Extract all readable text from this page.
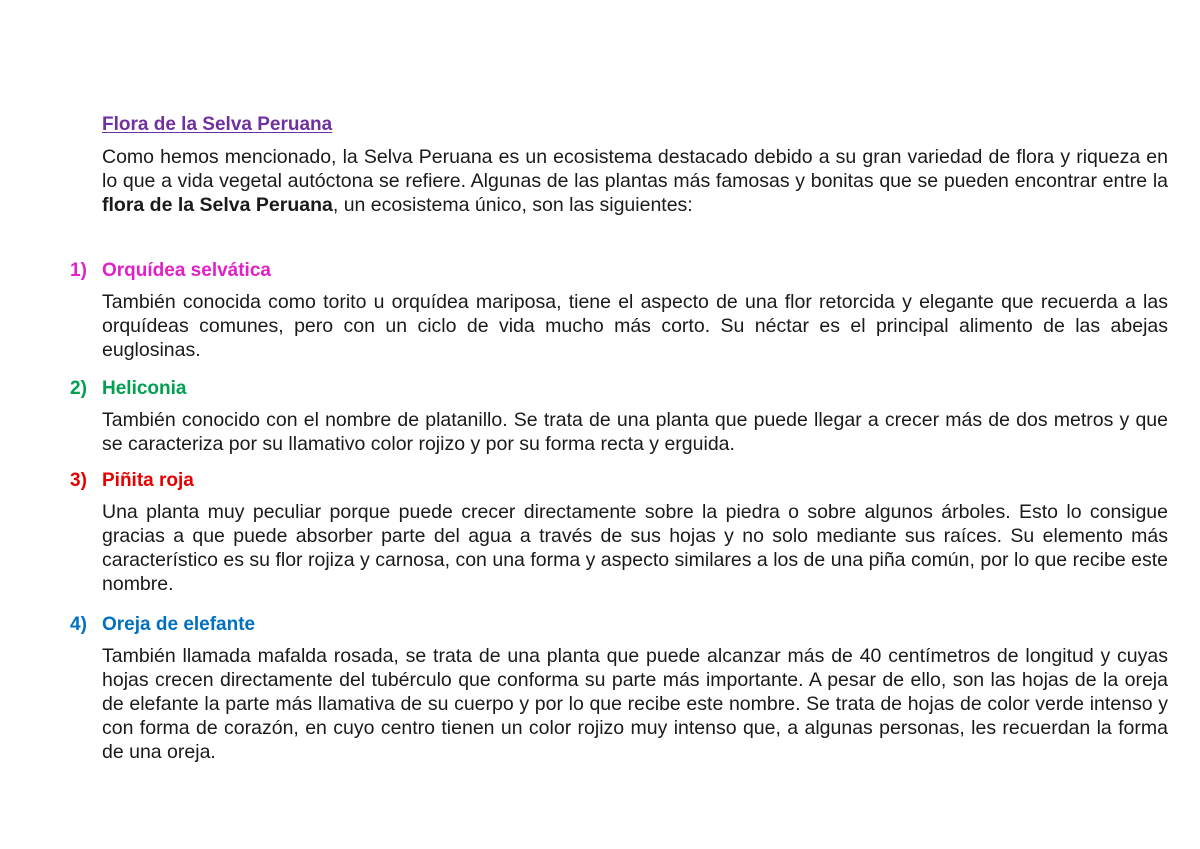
Flora de la Selva Peruana

Como hemos mencionado, la Selva Peruana es un ecosistema destacado debido a su gran variedad de flora y riqueza en lo que a vida vegetal autóctona se refiere. Algunas de las plantas más famosas y bonitas que se pueden encontrar entre la flora de la Selva Peruana, un ecosistema único, son las siguientes:

1) Orquídea selvática

También conocida como torito u orquídea mariposa, tiene el aspecto de una flor retorcida y elegante que recuerda a las orquídeas comunes, pero con un ciclo de vida mucho más corto. Su néctar es el principal alimento de las abejas euglosinas.

2) Heliconia

También conocido con el nombre de platanillo. Se trata de una planta que puede llegar a crecer más de dos metros y que se caracteriza por su llamativo color rojizo y por su forma recta y erguida.

3) Piñita roja

Una planta muy peculiar porque puede crecer directamente sobre la piedra o sobre algunos árboles. Esto lo consigue gracias a que puede absorber parte del agua a través de sus hojas y no solo mediante sus raíces. Su elemento más característico es su flor rojiza y carnosa, con una forma y aspecto similares a los de una piña común, por lo que recibe este nombre.

4) Oreja de elefante

También llamada mafalda rosada, se trata de una planta que puede alcanzar más de 40 centímetros de longitud y cuyas hojas crecen directamente del tubérculo que conforma su parte más importante. A pesar de ello, son las hojas de la oreja de elefante la parte más llamativa de su cuerpo y por lo que recibe este nombre. Se trata de hojas de color verde intenso y con forma de corazón, en cuyo centro tienen un color rojizo muy intenso que, a algunas personas, les recuerdan la forma de una oreja.
